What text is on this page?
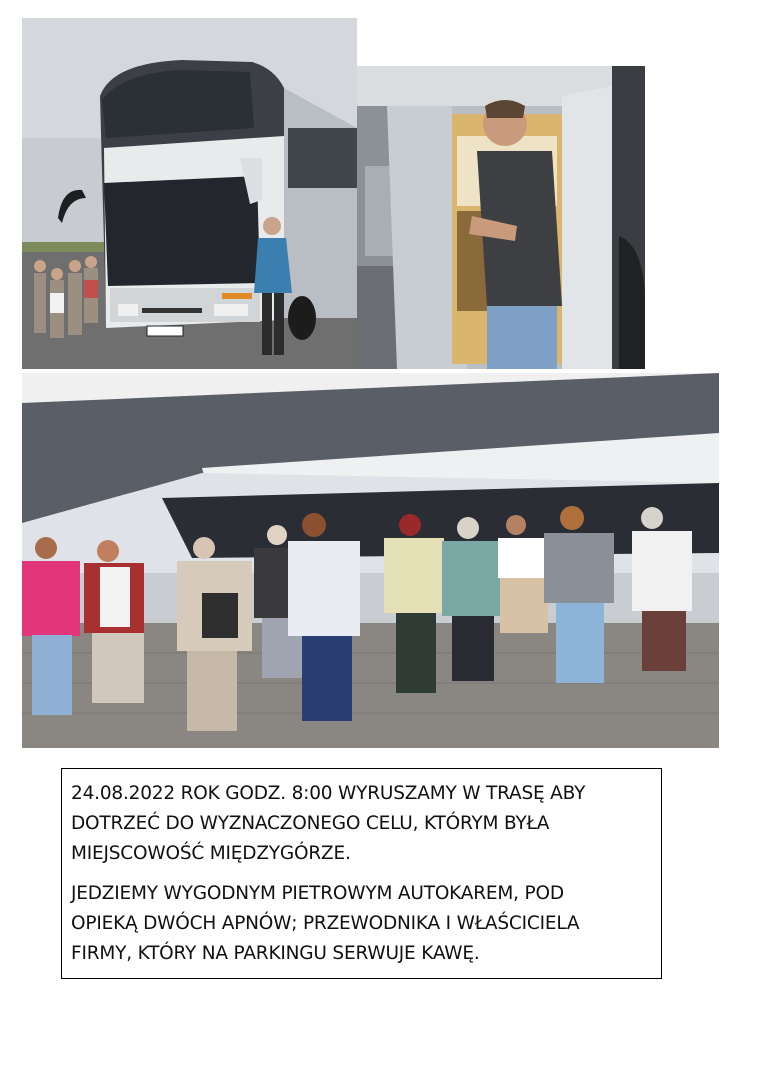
24.08.2022 ROK GODZ. 8:00 WYRUSZAMY W TRASĘ ABY
DOTRZEĆ DO WYZNACZONEGO CELU, KTÓRYM BYŁA
MIEJSCOWOŚĆ MIĘDZYGÓRZE.

JEDZIEMY WYGODNYM PIETROWYM AUTOKAREM, POD
OPIEKĄ DWÓCH APNÓW; PRZEWODNIKA I WŁAŚCICIELA
FIRMY, KTÓRY NA PARKINGU SERWUJE KAWĘ.
